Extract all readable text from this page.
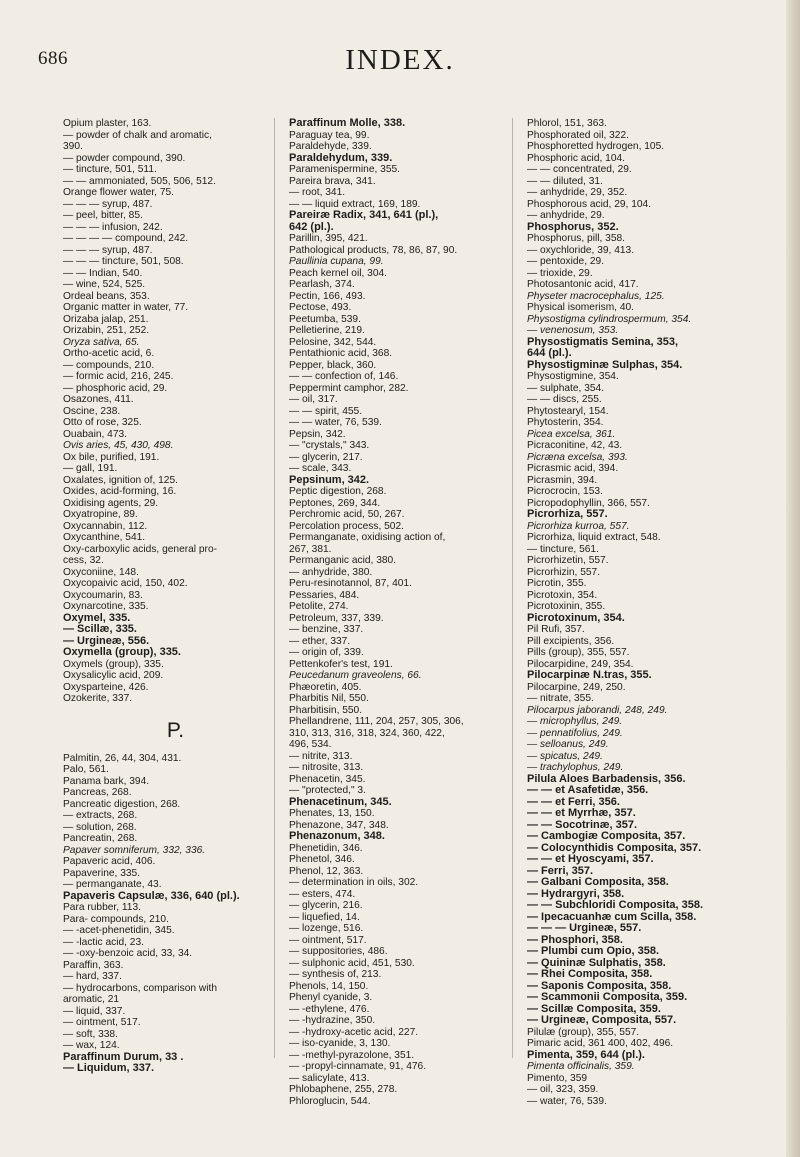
686	INDEX.
Opium plaster, 163.
— powder of chalk and aromatic,
390.
— powder compound, 390.
— tincture, 501, 511.
— — ammoniated, 505, 506, 512.
Orange flower water, 75.
— — — syrup, 487.
— peel, bitter, 85.
— — — infusion, 242.
— — — — compound, 242.
— — — syrup, 487.
— — — tincture, 501, 508.
— — Indian, 540.
— wine, 524, 525.
Ordeal beans, 353.
Organic matter in water, 77.
Orizaba jalap, 251.
Orizabin, 251, 252.
Oryza sativa, 65.
Ortho-acetic acid, 6.
— compounds, 210.
— formic acid, 216, 245.
— phosphoric acid, 29.
Osazones, 411.
Oscine, 238.
Otto of rose, 325.
Ouabain, 473.
Ovis aries, 45, 430, 498.
Ox bile, purified, 191.
— gall, 191.
Oxalates, ignition of, 125.
Oxides, acid-forming, 16.
Oxidising agents, 29.
Oxyatropine, 89.
Oxycannabin, 112.
Oxycanthine, 541.
Oxy-carboxylic acids, general pro-
cess, 32.
Oxyconiine, 148.
Oxycopaivic acid, 150, 402.
Oxycoumarin, 83.
Oxynarcotine, 335.
Oxymel, 335.
— Scillæ, 335.
— Urgineæ, 556.
Oxymella (group), 335.
Oxymels (group), 335.
Oxysalicylic acid, 209.
Oxysparteine, 426.
Ozokerite, 337.
P.
Palmitin, 26, 44, 304, 431.
Palo, 561.
Panama bark, 394.
Pancreas, 268.
Pancreatic digestion, 268.
— extracts, 268.
— solution, 268.
Pancreatin, 268.
Papaver somniferum, 332, 336.
Papaveric acid, 406.
Papaverine, 335.
— permanganate, 43.
Papaveris Capsulæ, 336, 640 (pl.).
Para rubber, 113.
Para- compounds, 210.
— -acet-phenetidin, 345.
— -lactic acid, 23.
— -oxy-benzoic acid, 33, 34.
Paraffin, 363.
— hard, 337.
— hydrocarbons, comparison with
aromatic, 21
— liquid, 337.
— ointment, 517.
— soft, 338.
— wax, 124.
Paraffinum Durum, 33 .
— Liquidum, 337.
Paraffinum Molle, 338.
Paraguay tea, 99.
Paraldehyde, 339.
Paraldehydum, 339.
Paramenispermine, 355.
Pareira brava, 341.
— root, 341.
— — liquid extract, 169, 189.
Pareiræ Radix, 341, 641 (pl.),
642 (pl.).
Parillin, 395, 421.
Pathological products, 78, 86, 87, 90.
Paullinia cupana, 99.
Peach kernel oil, 304.
Pearlash, 374.
Pectin, 166, 493.
Pectose, 493.
Peetumba, 539.
Pelletierine, 219.
Pelosine, 342, 544.
Pentathionic acid, 368.
Pepper, black, 360.
— — confection of, 146.
Peppermint camphor, 282.
— oil, 317.
— — spirit, 455.
— — water, 76, 539.
Pepsin, 342.
— "crystals," 343.
— glycerin, 217.
— scale, 343.
Pepsinum, 342.
Peptic digestion, 268.
Peptones, 269, 344.
Perchromic acid, 50, 267.
Percolation process, 502.
Permanganate, oxidising action of,
267, 381.
Permanganic acid, 380.
— anhydride, 380.
Peru-resinotannol, 87, 401.
Pessaries, 484.
Petolite, 274.
Petroleum, 337, 339.
— benzine, 337.
— ether, 337.
— origin of, 339.
Pettenkofer's test, 191.
Peucedanum graveolens, 66.
Phæoretin, 405.
Pharbitis Nil, 550.
Pharbitisin, 550.
Phellandrene, 111, 204, 257, 305, 306,
310, 313, 316, 318, 324, 360, 422,
496, 534.
— nitrite, 313.
— nitrosite, 313.
Phenacetin, 345.
— "protected," 3.
Phenacetinum, 345.
Phenates, 13, 150.
Phenazone, 347, 348.
Phenazonum, 348.
Phenetidin, 346.
Phenetol, 346.
Phenol, 12, 363.
— determination in oils, 302.
— esters, 474.
— glycerin, 216.
— liquefied, 14.
— lozenge, 516.
— ointment, 517.
— suppositories, 486.
— sulphonic acid, 451, 530.
— synthesis of, 213.
Phenols, 14, 150.
Phenyl cyanide, 3.
— -ethylene, 476.
— -hydrazine, 350.
— -hydroxy-acetic acid, 227.
— iso-cyanide, 3, 130.
— -methyl-pyrazolone, 351.
— -propyl-cinnamate, 91, 476.
— salicylate, 413.
Phlobaphene, 255, 278.
Phloroglucin, 544.
Phlorol, 151, 363.
Phosphorated oil, 322.
Phosphoretted hydrogen, 105.
Phosphoric acid, 104.
— — concentrated, 29.
— — diluted, 31.
— anhydride, 29, 352.
Phosphorous acid, 29, 104.
— anhydride, 29.
Phosphorus, 352.
Phosphorus, pill, 358.
— oxychloride, 39, 413.
— pentoxide, 29.
— trioxide, 29.
Photosantonic acid, 417.
Physeter macrocephalus, 125.
Physical isomerism, 40.
Physostigma cylindrospermum, 354.
— venenosum, 353.
Physostigmatis Semina, 353,
644 (pl.).
Physostigminæ Sulphas, 354.
Physostigmine, 354.
— sulphate, 354.
— — discs, 255.
Phytostearyl, 154.
Phytosterin, 354.
Picea excelsa, 361.
Picraconitine, 42, 43.
Picræna excelsa, 393.
Picrasmic acid, 394.
Picrasmin, 394.
Picrocrocin, 153.
Picropodophyllin, 366, 557.
Picrorhiza, 557.
Picrorhiza kurroa, 557.
Picrorhiza, liquid extract, 548.
— tincture, 561.
Picrorhizetin, 557.
Picrorhizin, 557.
Picrotin, 355.
Picrotoxin, 354.
Picrotoxinin, 355.
Picrotoxinum, 354.
Pil Rufi, 357.
Pill excipients, 356.
Pills (group), 355, 557.
Pilocarpidine, 249, 354.
Pilocarpinæ N.tras, 355.
Pilocarpine, 249, 250.
— nitrate, 355.
Pilocarpus jaborandi, 248, 249.
— microphyllus, 249.
— pennatifolius, 249.
— selloanus, 249.
— spicatus, 249.
— trachylophus, 249.
Pilula Aloes Barbadensis, 356.
— — et Asafetidæ, 356.
— — et Ferri, 356.
— — et Myrrhæ, 357.
— — Socotrinæ, 357.
— Cambogiæ Composita, 357.
— Colocynthidis Composita, 357.
— — et Hyoscyami, 357.
— Ferri, 357.
— Galbani Composita, 358.
— Hydrargyri, 358.
— — Subchloridi Composita, 358.
— Ipecacuanhæ cum Scilla, 358.
— — — Urgineæ, 557.
— Phosphori, 358.
— Plumbi cum Opio, 358.
— Quininæ Sulphatis, 358.
— Rhei Composita, 358.
— Saponis Composita, 358.
— Scammonii Composita, 359.
— Scillæ Composita, 359.
— Urgineæ, Composita, 557.
Pilulæ (group), 355, 557.
Pimaric acid, 361 400, 402, 496.
Pimenta, 359, 644 (pl.).
Pimenta officinalis, 359.
Pimento, 359
— oil, 323, 359.
— water, 76, 539.
